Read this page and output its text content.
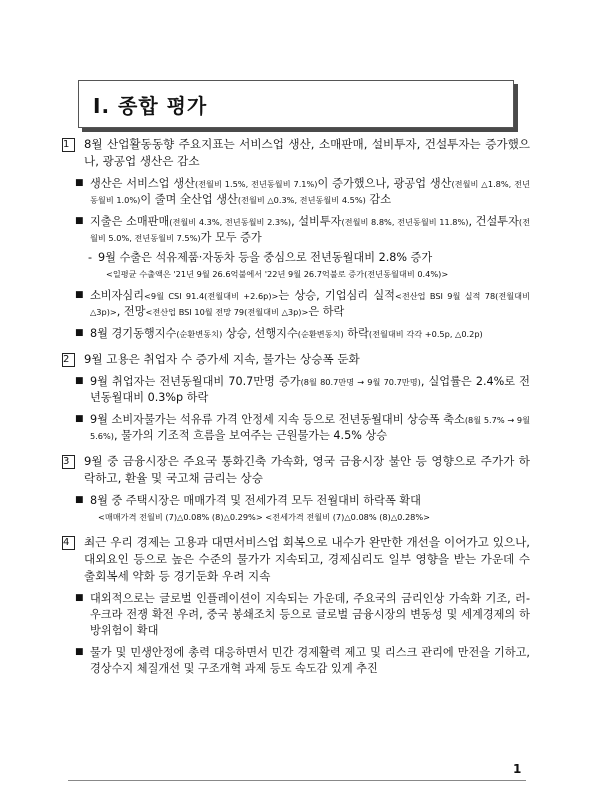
Ⅰ. 종합 평가
1	8월 산업활동동향 주요지표는 서비스업 생산, 소매판매, 설비투자, 건설투자는 증가했으나, 광공업 생산은 감소
■ 생산은 서비스업 생산(전월비 1.5%, 전년동월비 7.1%)이 증가했으나, 광공업 생산(전월비 △1.8%, 전년동월비 1.0%)이 줄며 全산업 생산(전월비 △0.3%, 전년동월비 4.5%) 감소
■ 지출은 소매판매(전월비 4.3%, 전년동월비 2.3%), 설비투자(전월비 8.8%, 전년동월비 11.8%), 건설투자(전월비 5.0%, 전년동월비 7.5%)가 모두 증가
- 9월 수출은 석유제품·자동차 등을 중심으로 전년동월대비 2.8% 증가
<일평균 수출액은 '21년 9월 26.6억불에서 '22년 9월 26.7억불로 증가(전년동월대비 0.4%)>
■ 소비자심리<9월 CSI 91.4(전월대비 +2.6p)>는 상승, 기업심리 실적<전산업 BSI 9월 실적 78(전월대비 △3p)>, 전망<전산업 BSI 10월 전망 79(전월대비 △3p)>은 하락
■ 8월 경기동행지수(순환변동치) 상승, 선행지수(순환변동치) 하락(전월대비 각각 +0.5p, △0.2p)
2	9월 고용은 취업자 수 증가세 지속, 물가는 상승폭 둔화
■ 9월 취업자는 전년동월대비 70.7만명 증가(8월 80.7만명 → 9월 70.7만명), 실업률은 2.4%로 전년동월대비 0.3%p 하락
■ 9월 소비자물가는 석유류 가격 안정세 지속 등으로 전년동월대비 상승폭 축소(8월 5.7% → 9월 5.6%), 물가의 기조적 흐름을 보여주는 근원물가는 4.5% 상승
3	9월 중 금융시장은 주요국 통화긴축 가속화, 영국 금융시장 불안 등 영향으로 주가가 하락하고, 환율 및 국고채 금리는 상승
■ 8월 중 주택시장은 매매가격 및 전세가격 모두 전월대비 하락폭 확대
<매매가격 전월비 (7)△0.08% (8)△0.29%> <전세가격 전월비 (7)△0.08% (8)△0.28%>
4	최근 우리 경제는 고용과 대면서비스업 회복으로 내수가 완만한 개선을 이어가고 있으나, 대외요인 등으로 높은 수준의 물가가 지속되고, 경제심리도 일부 영향을 받는 가운데 수출회복세 약화 등 경기둔화 우려 지속
■ 대외적으로는 글로벌 인플레이션이 지속되는 가운데, 주요국의 금리인상 가속화 기조, 러-우크라 전쟁 확전 우려, 중국 봉쇄조치 등으로 글로벌 금융시장의 변동성 및 세계경제의 하방위험이 확대
■ 물가 및 민생안정에 총력 대응하면서 민간 경제활력 제고 및 리스크 관리에 만전을 기하고, 경상수지 체질개선 및 구조개혁 과제 등도 속도감 있게 추진
1
